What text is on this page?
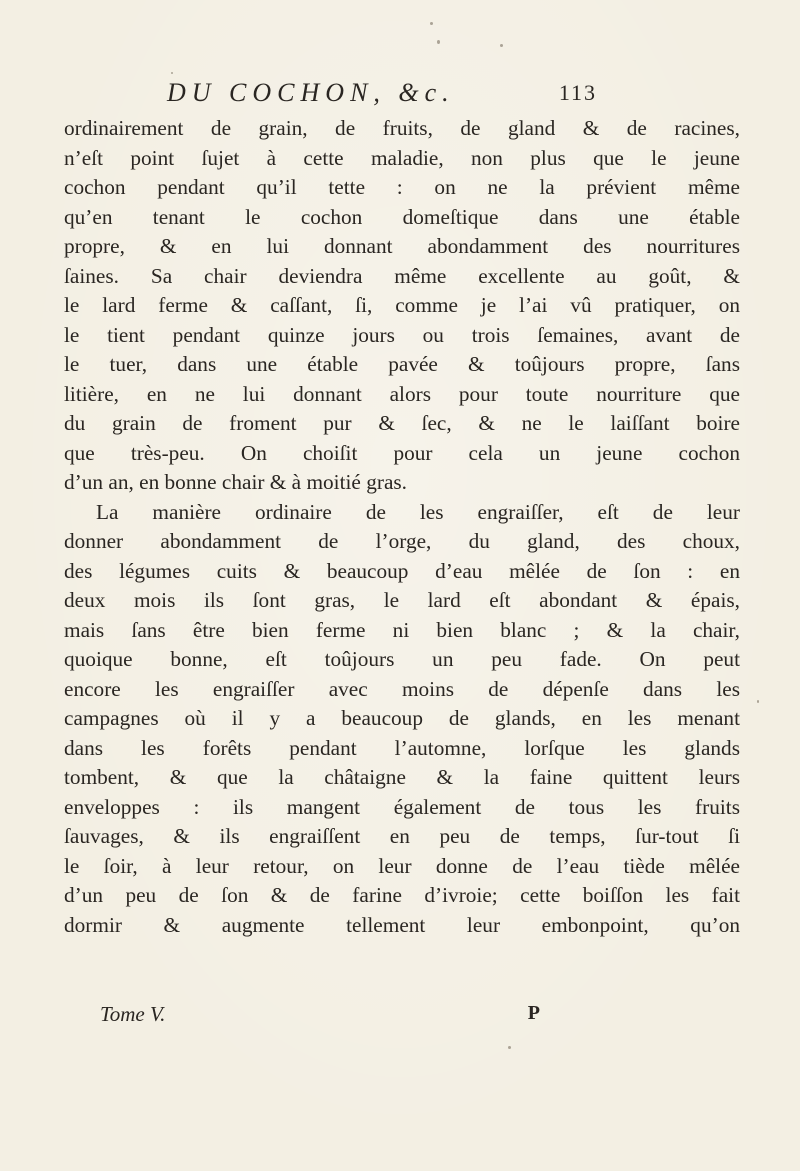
DU COCHON, &c.	113
ordinairement de grain, de fruits, de gland & de racines,
n’eſt point ſujet à cette maladie, non plus que le jeune
cochon pendant qu’il tette : on ne la prévient même
qu’en tenant le cochon domeſtique dans une étable
propre, & en lui donnant abondamment des nourritures
ſaines. Sa chair deviendra même excellente au goût, &
le lard ferme & caſſant, ſi, comme je l’ai vû pratiquer, on
le tient pendant quinze jours ou trois ſemaines, avant de
le tuer, dans une étable pavée & toûjours propre, ſans
litière, en ne lui donnant alors pour toute nourriture que
du grain de froment pur & ſec, & ne le laiſſant boire
que très-peu. On choiſit pour cela un jeune cochon
d’un an, en bonne chair & à moitié gras.
La manière ordinaire de les engraiſſer, eſt de leur
donner abondamment de l’orge, du gland, des choux,
des légumes cuits & beaucoup d’eau mêlée de ſon : en
deux mois ils ſont gras, le lard eſt abondant & épais,
mais ſans être bien ferme ni bien blanc ; & la chair,
quoique bonne, eſt toûjours un peu fade. On peut
encore les engraiſſer avec moins de dépenſe dans les
campagnes où il y a beaucoup de glands, en les menant
dans les forêts pendant l’automne, lorſque les glands
tombent, & que la châtaigne & la faine quittent leurs
enveloppes : ils mangent également de tous les fruits
ſauvages, & ils engraiſſent en peu de temps, ſur-tout ſi
le ſoir, à leur retour, on leur donne de l’eau tiède mêlée
d’un peu de ſon & de farine d’ivroie; cette boiſſon les fait
dormir & augmente tellement leur embonpoint, qu’on
Tome V.	P
